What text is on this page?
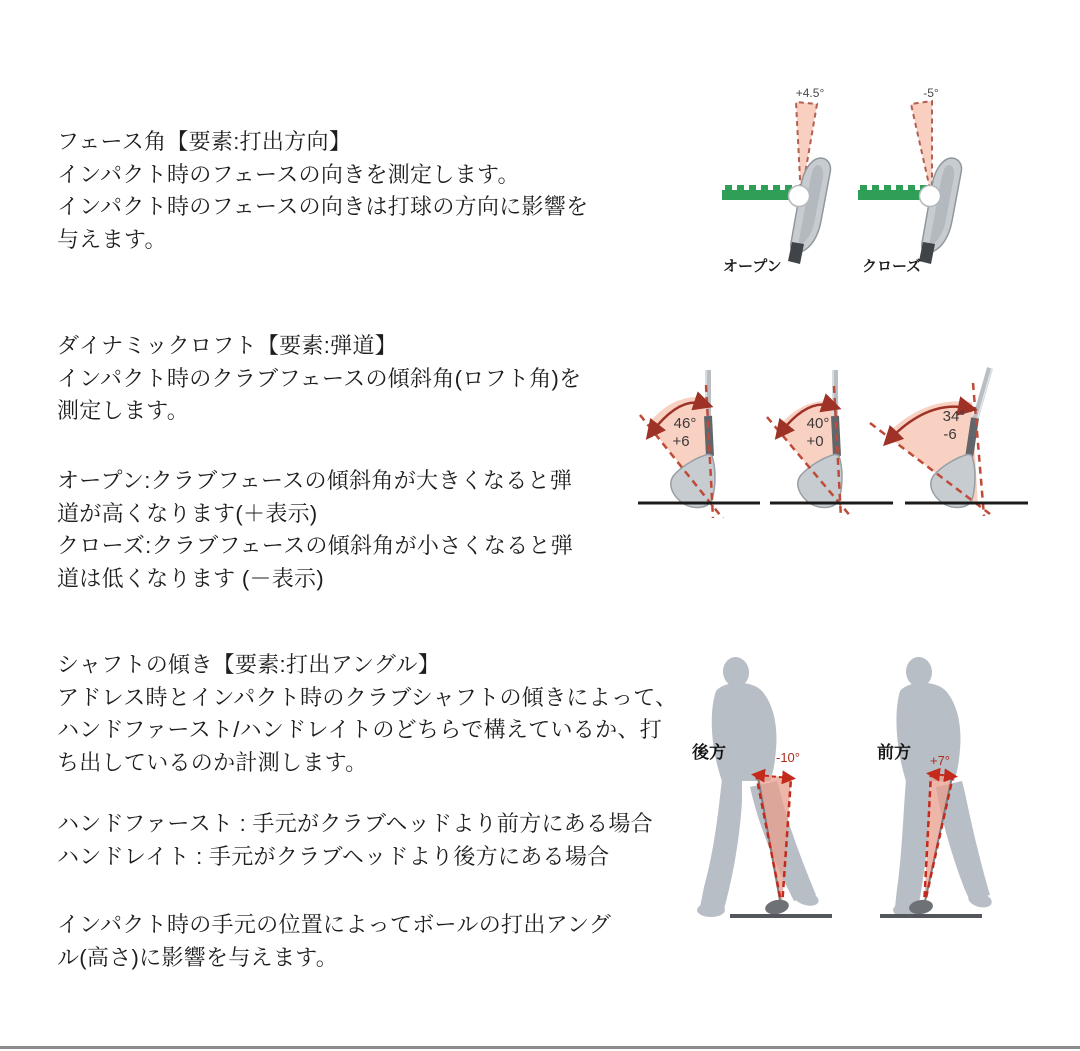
フェース角【要素:打出方向】
インパクト時のフェースの向きを測定します。
インパクト時のフェースの向きは打球の方向に影響を
与えます。
ダイナミックロフト【要素:弾道】
インパクト時のクラブフェースの傾斜角(ロフト角)を
測定します。
オープン:クラブフェースの傾斜角が大きくなると弾
道が高くなります(＋表示)
クローズ:クラブフェースの傾斜角が小さくなると弾
道は低くなります (－表示)
シャフトの傾き【要素:打出アングル】
アドレス時とインパクト時のクラブシャフトの傾きによって、
ハンドファースト/ハンドレイトのどちらで構えているか、打
ち出しているのか計測します。
ハンドファースト : 手元がクラブヘッドより前方にある場合
ハンドレイト : 手元がクラブヘッドより後方にある場合
インパクト時の手元の位置によってボールの打出アング
ル(高さ)に影響を与えます。
+4.5°
オープン
-5°
クローズ
46°
+6
40°
+0
34°
-6
後方	-10°	前方 +7°
